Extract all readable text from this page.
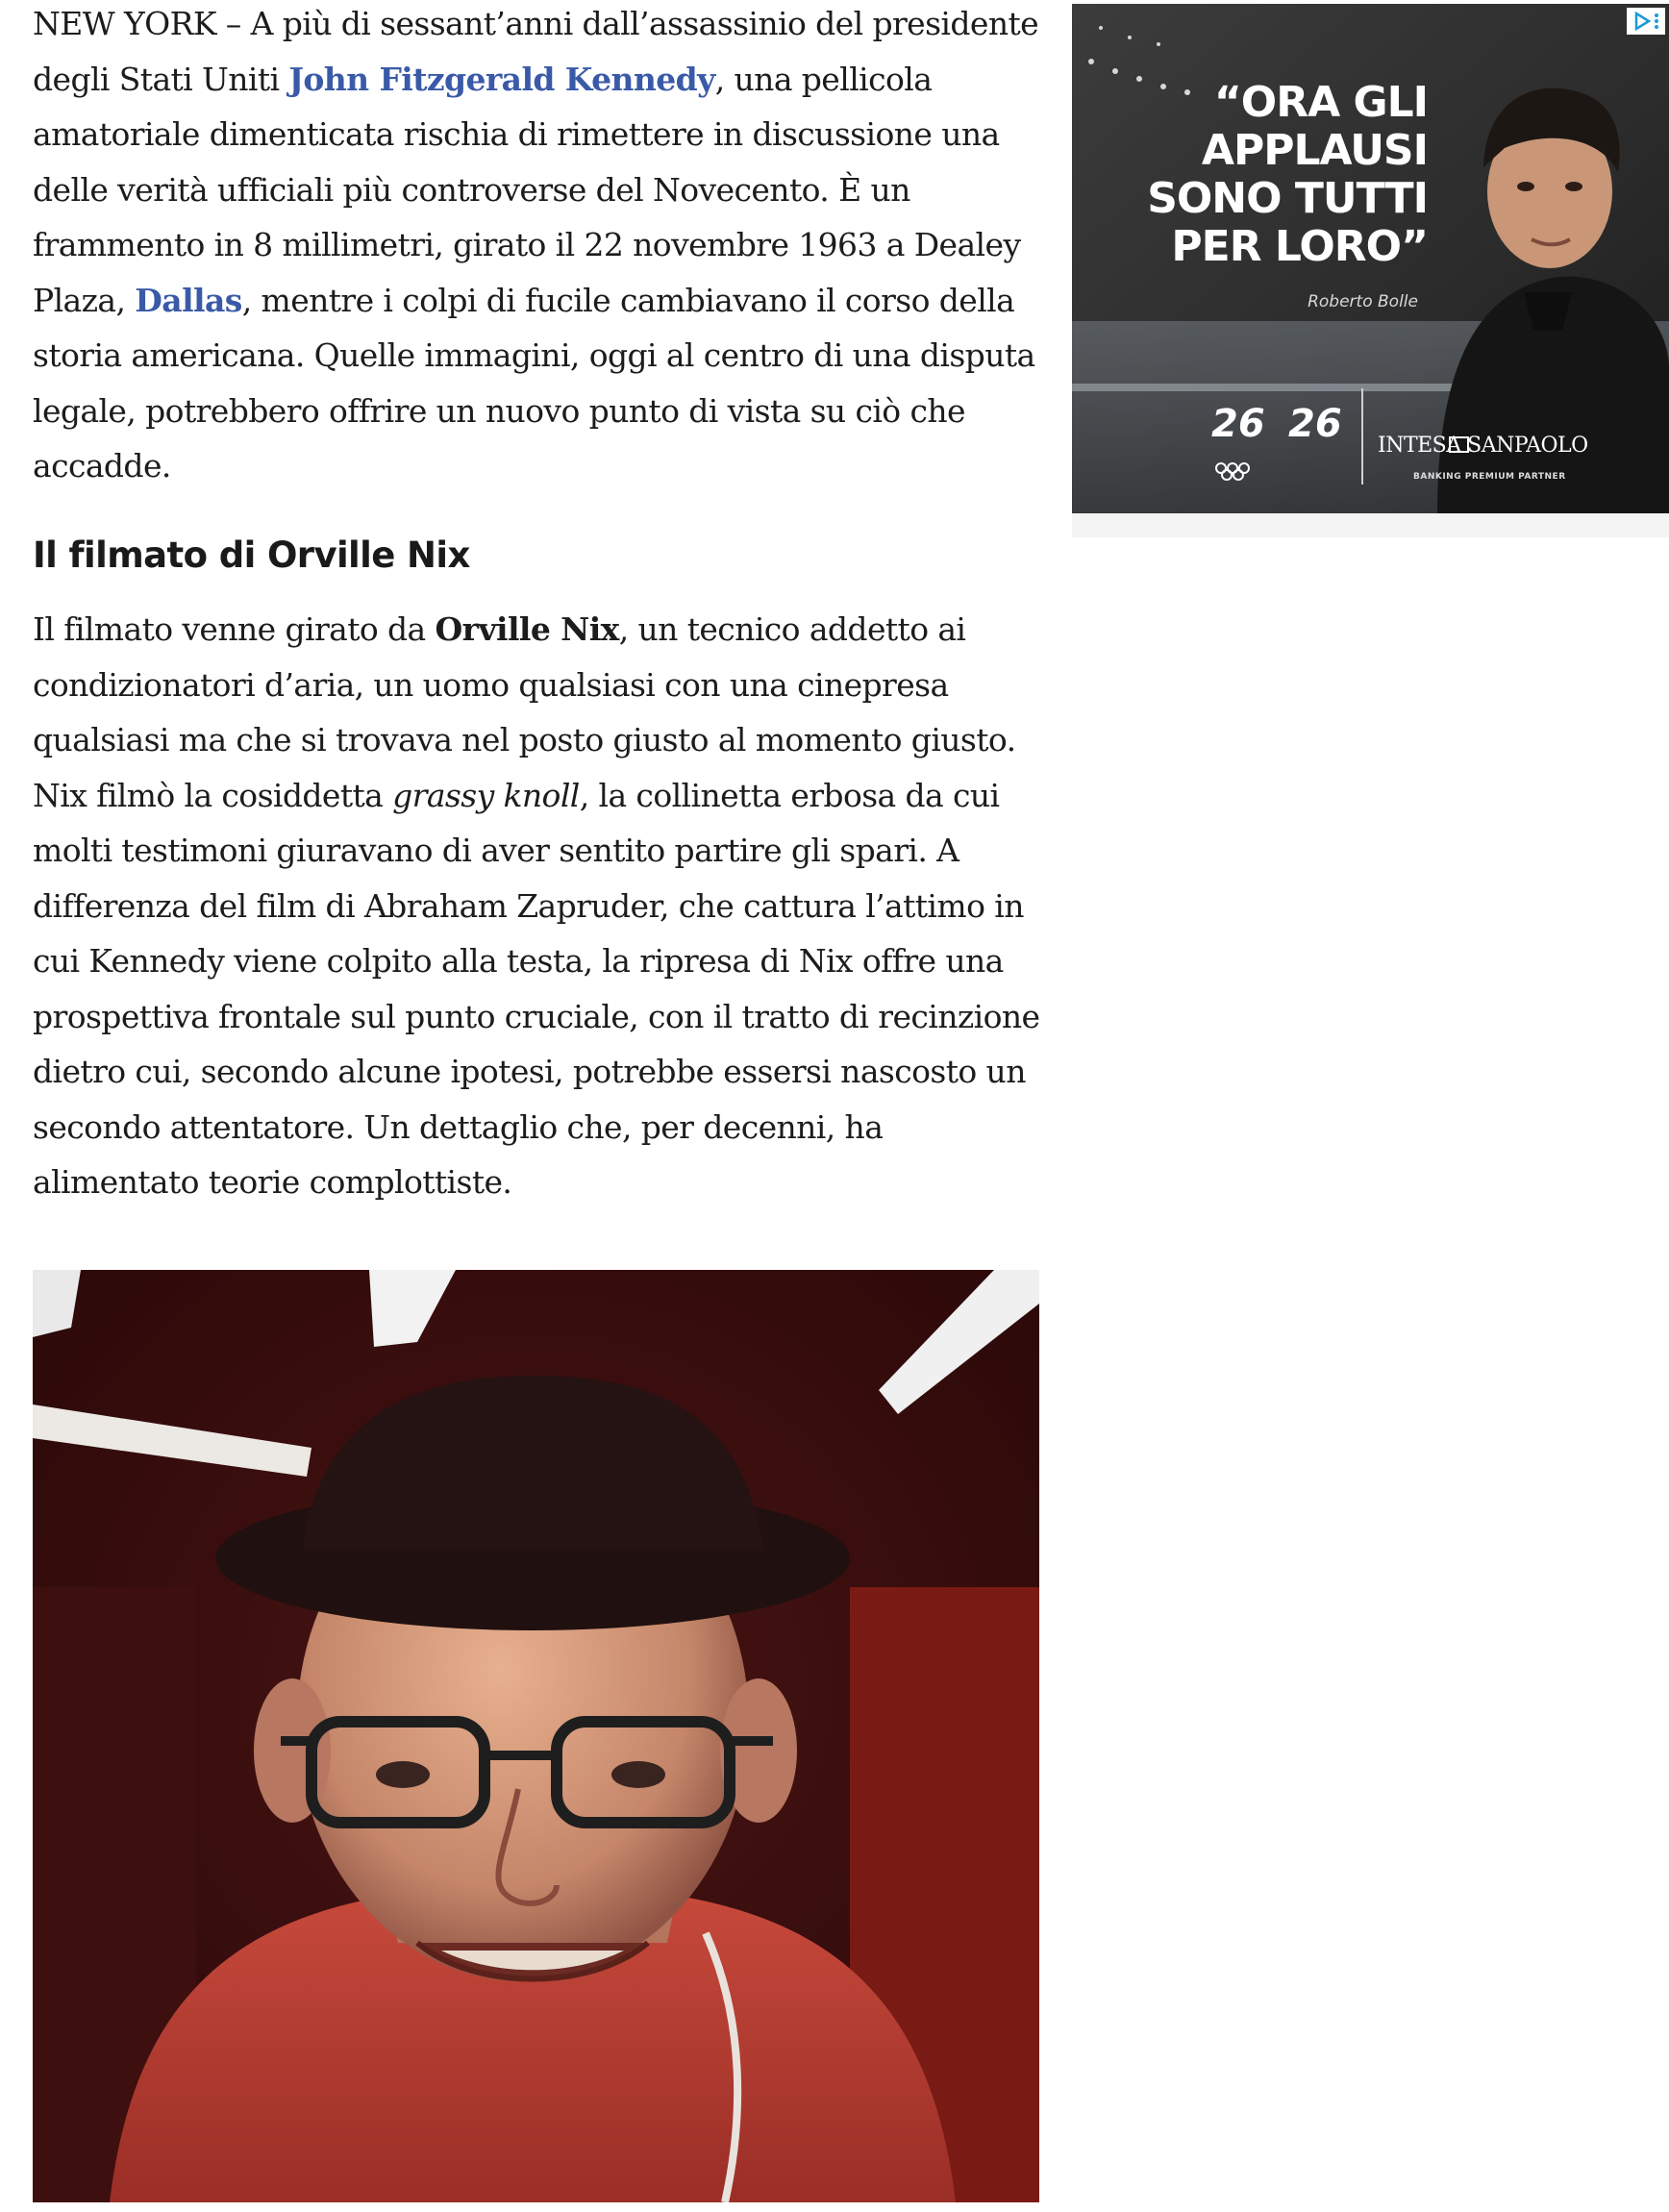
NEW YORK – A più di sessant’anni dall’assassinio del presidente degli Stati Uniti John Fitzgerald Kennedy, una pellicola amatoriale dimenticata rischia di rimettere in discussione una delle verità ufficiali più controverse del Novecento. È un frammento in 8 millimetri, girato il 22 novembre 1963 a Dealey Plaza, Dallas, mentre i colpi di fucile cambiavano il corso della storia americana. Quelle immagini, oggi al centro di una disputa legale, potrebbero offrire un nuovo punto di vista su ciò che accadde.

Il filmato di Orville Nix

Il filmato venne girato da Orville Nix, un tecnico addetto ai condizionatori d’aria, un uomo qualsiasi con una cinepresa qualsiasi ma che si trovava nel posto giusto al momento giusto. Nix filmò la cosiddetta grassy knoll, la collinetta erbosa da cui molti testimoni giuravano di aver sentito partire gli spari. A differenza del film di Abraham Zapruder, che cattura l’attimo in cui Kennedy viene colpito alla testa, la ripresa di Nix offre una prospettiva frontale sul punto cruciale, con il tratto di recinzione dietro cui, secondo alcune ipotesi, potrebbe essersi nascosto un secondo attentatore. Un dettaglio che, per decenni, ha alimentato teorie complottiste.

26 26
“ORA GLI
APPLAUSI
SONO TUTTI
PER LORO”
Roberto Bolle
INTESA SANPAOLO
BANKING PREMIUM PARTNER
